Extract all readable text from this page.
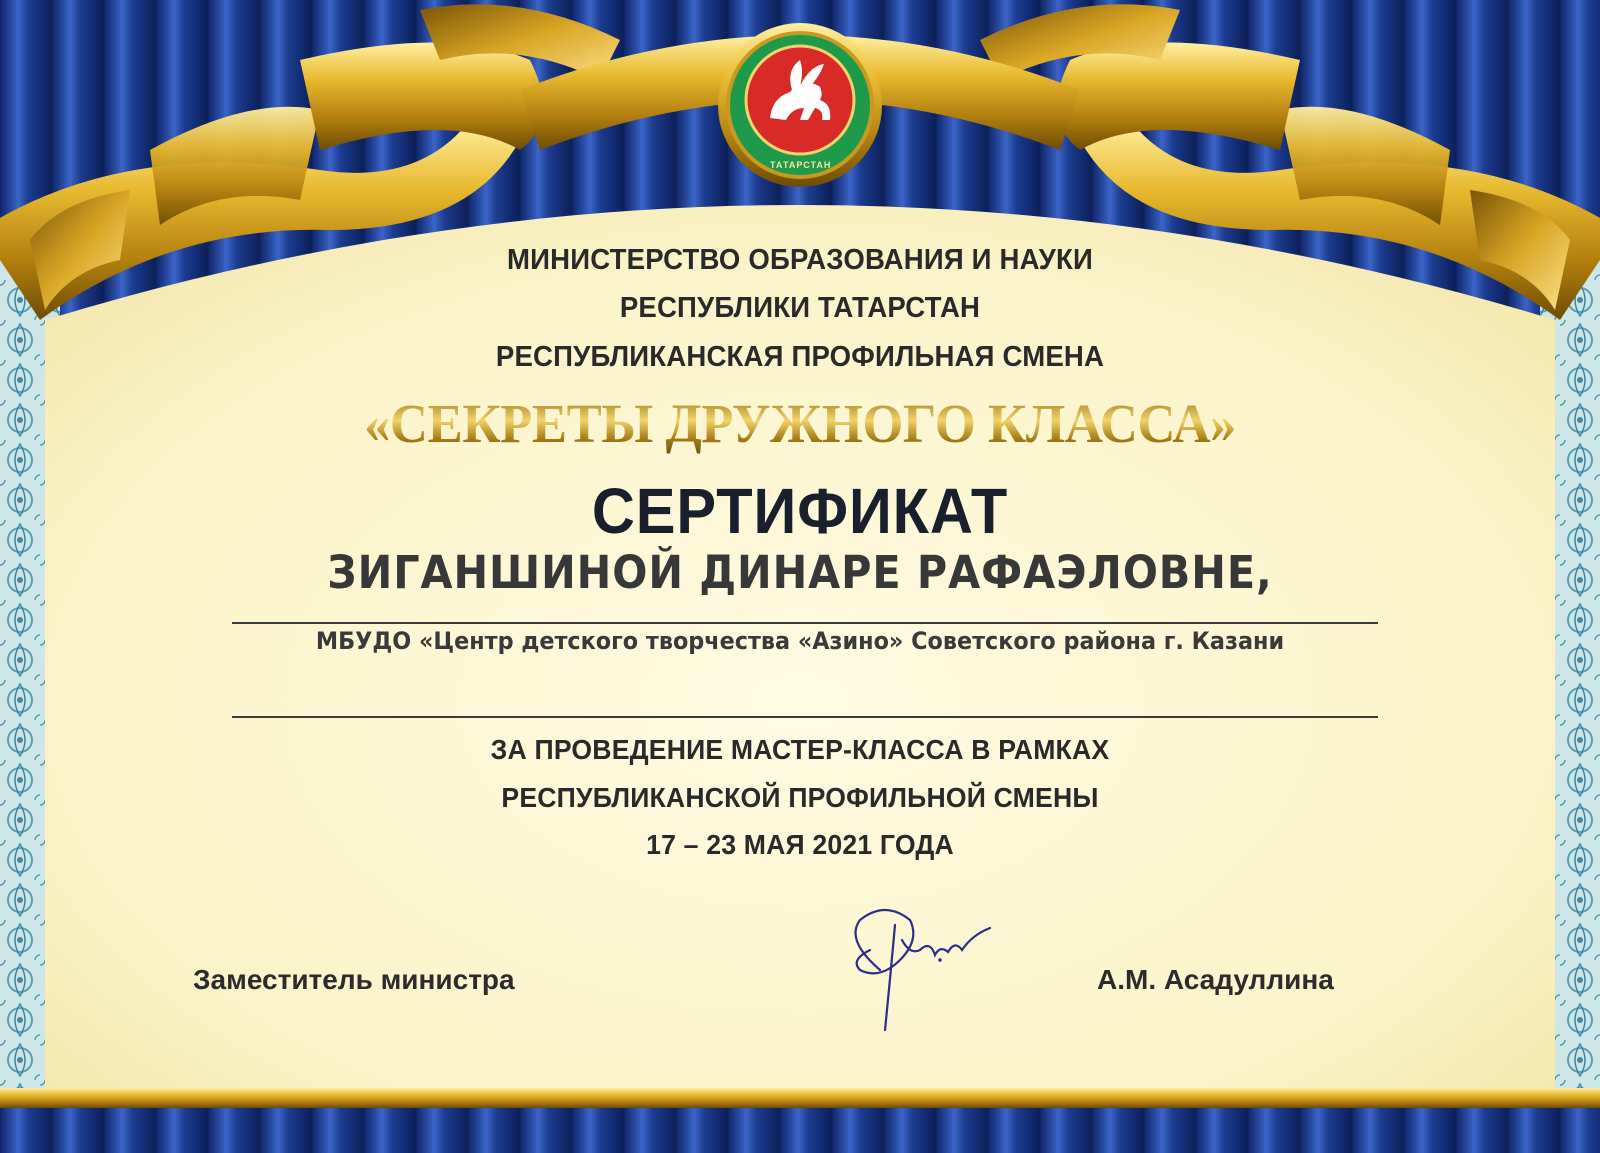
ТАТАРСТАН
МИНИСТЕРСТВО ОБРАЗОВАНИЯ И НАУКИ
РЕСПУБЛИКИ ТАТАРСТАН
РЕСПУБЛИКАНСКАЯ ПРОФИЛЬНАЯ СМЕНА
«СЕКРЕТЫ ДРУЖНОГО КЛАССА»
СЕРТИФИКАТ
ЗИГАНШИНОЙ ДИНАРЕ РАФАЭЛОВНЕ,
МБУДО «Центр детского творчества «Азино» Советского района г. Казани
ЗА ПРОВЕДЕНИЕ МАСТЕР-КЛАССА В РАМКАХ
РЕСПУБЛИКАНСКОЙ ПРОФИЛЬНОЙ СМЕНЫ
17 – 23 МАЯ 2021 ГОДА
Заместитель министра	А.М. Асадуллина
